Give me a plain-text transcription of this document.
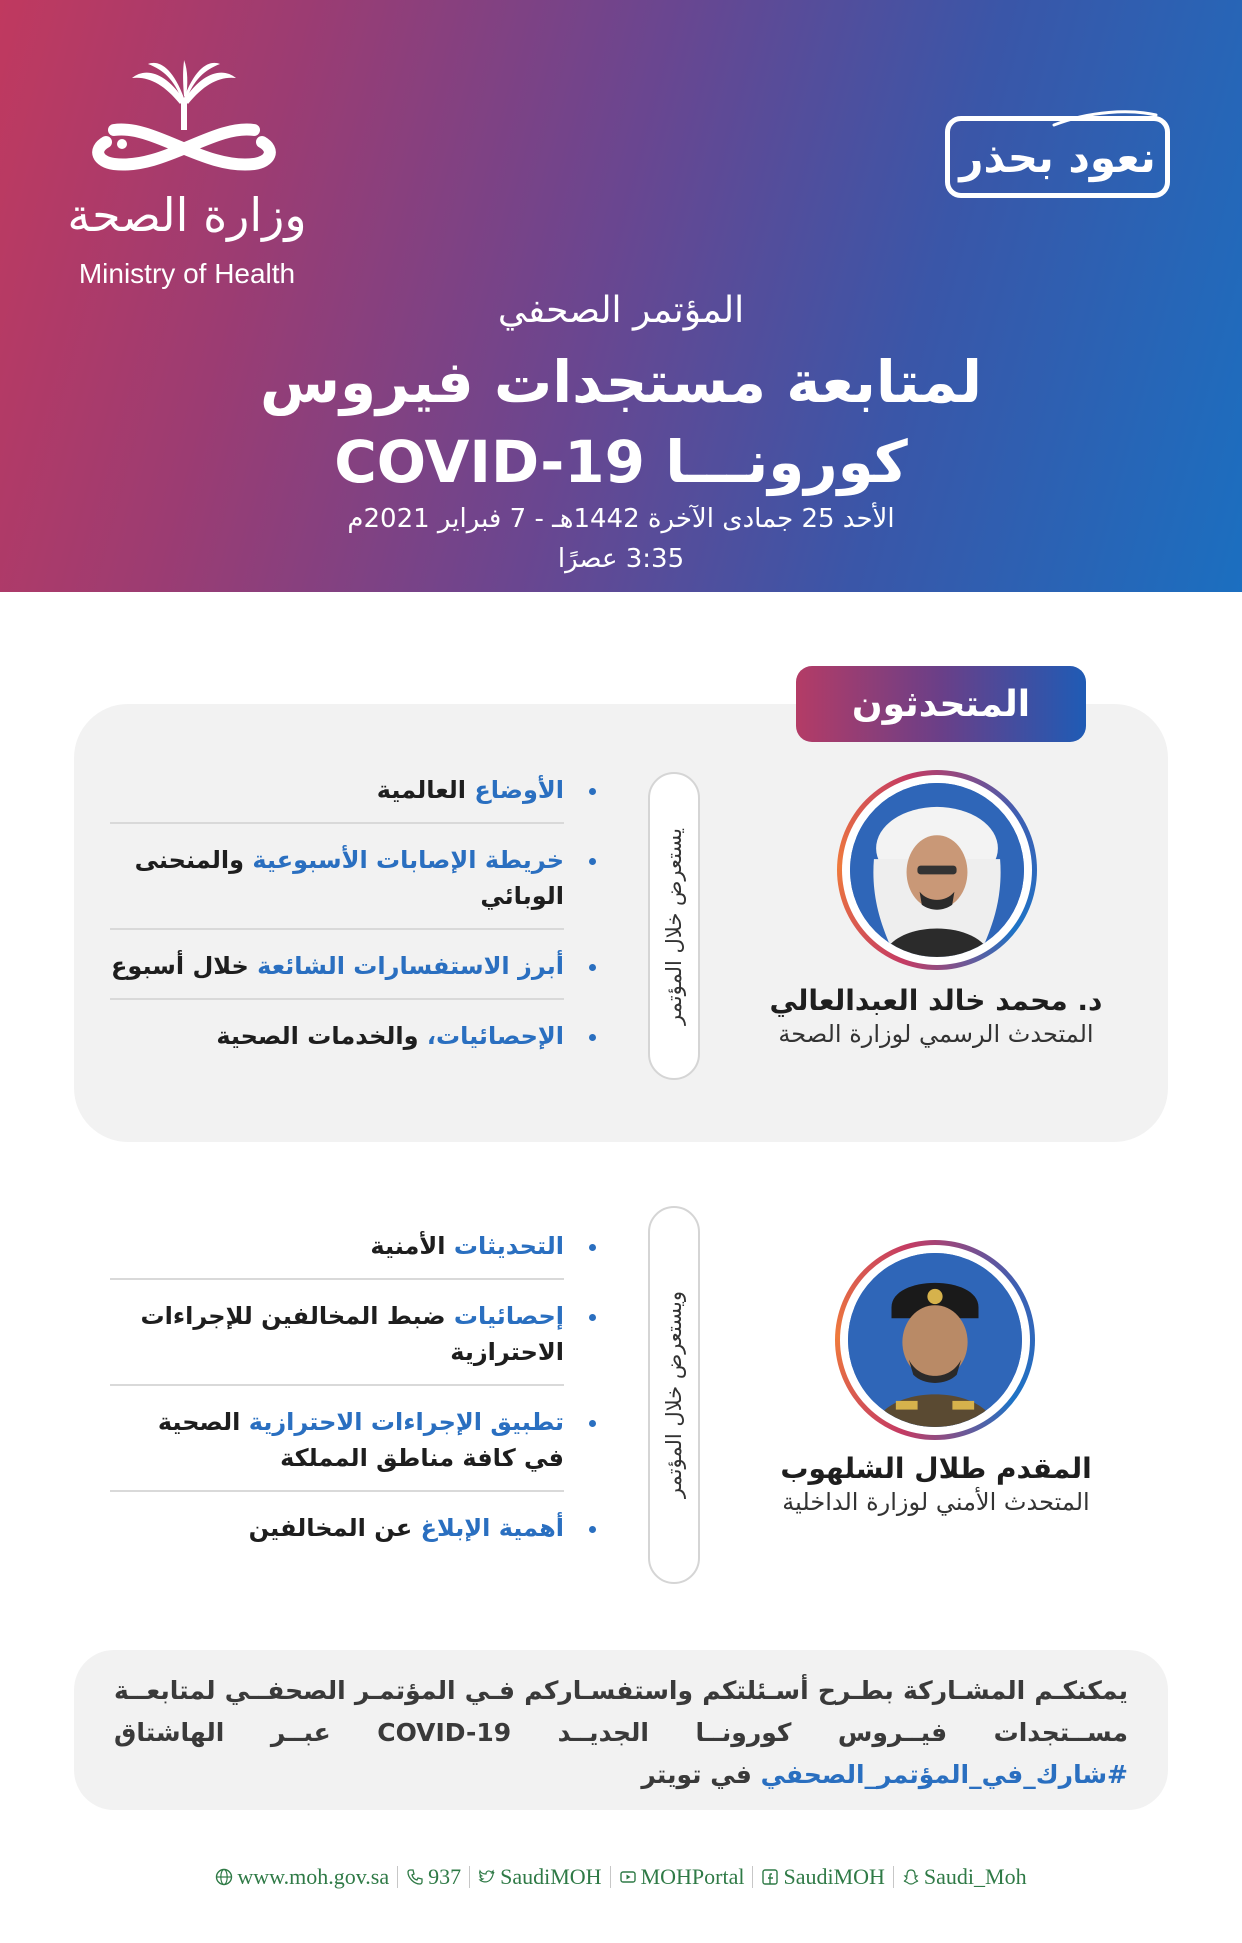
وزارة الصحة
Ministry of Health
نعود بحذر
المؤتمر الصحفي
لمتابعة مستجدات فيروس
كورونـــا COVID-19
الأحد 25 جمادى الآخرة 1442هـ - 7 فبراير 2021م
3:35 عصرًا
المتحدثون
د. محمد خالد العبدالعالي
المتحدث الرسمي لوزارة الصحة
يستعرض خلال المؤتمر
الأوضاع العالمية
خريطة الإصابات الأسبوعية والمنحنى الوبائي
أبرز الاستفسارات الشائعة خلال أسبوع
الإحصائيات، والخدمات الصحية
المقدم طلال الشلهوب
المتحدث الأمني لوزارة الداخلية
ويستعرض خلال المؤتمر
التحديثات الأمنية
إحصائيات ضبط المخالفين للإجراءات الاحترازية
تطبيق الإجراءات الاحترازية الصحية في كافة مناطق المملكة
أهمية الإبلاغ عن المخالفين
يمكنكـم المشـاركة بطـرح أسـئلتكم واستفسـاركم فـي المؤتمـر الصحفــي لمتابعــة مســتجدات فيــروس كورونــا الجديــد COVID-19 عبــر الهاشتاق #شارك_في_المؤتمر_الصحفي في تويتر
www.moh.gov.sa 937 SaudiMOH MOHPortal SaudiMOH Saudi_Moh
